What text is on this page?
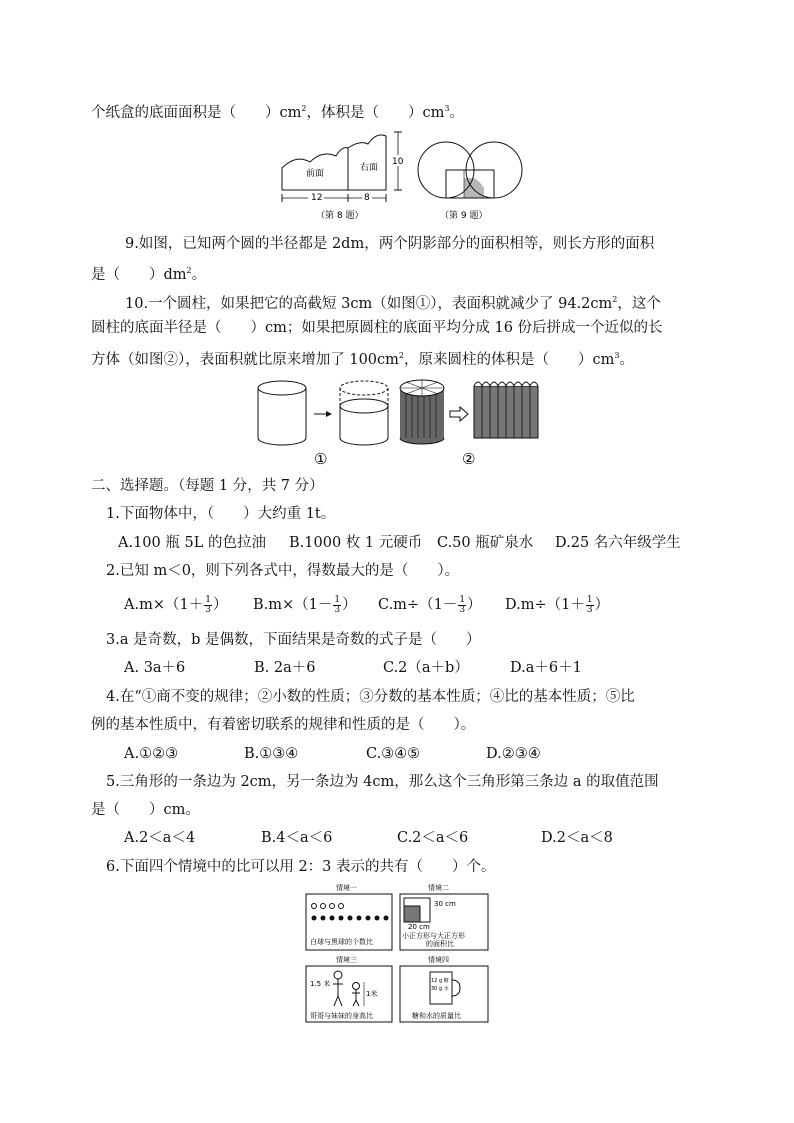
个纸盒的底面面积是（　　）$cm^2$，体积是（　　）$cm^3$。
前面
右面
12	8
10
（第 8 题）	（第 9 题）
9.如图，已知两个圆的半径都是 2dm，两个阴影部分的面积相等，则长方形的面积
是（　　）$dm^2$。
10.一个圆柱，如果把它的高截短 3cm（如图①），表面积就减少了 $94.2cm^2$，这个
圆柱的底面半径是（　　）cm；如果把原圆柱的底面平均分成 16 份后拼成一个近似的长
方体（如图②），表面积就比原来增加了 $100cm^2$，原来圆柱的体积是（　　）$cm^3$。
①	②
二、选择题。（每题 1 分，共 7 分）
1.下面物体中，（　　）大约重 1t。
A.100 瓶 5L 的色拉油 B.1000 枚 1 元硬币 C.50 瓶矿泉水 D.25 名六年级学生
2.已知 m＜0，则下列各式中，得数最大的是（　　）。
$A.m\times(1+ \frac{1}{3}$ ） $B.m\times(1- \frac{1}{3}$ ） $C.m\div(1- \frac{1}{3}$ ） $D.m\div(1+ \frac{1}{3}$ ）
3.a 是奇数，b 是偶数，下面结果是奇数的式子是（　　）
A. 3a＋6	B. 2a＋6	C.2（a＋b）	D.a＋6＋1
4.在“①商不变的规律；②小数的性质；③分数的基本性质；④比的基本性质；⑤比
例的基本性质中，有着密切联系的规律和性质的是（　　）。
A.①②③	B.①③④	C.③④⑤	D.②③④
5.三角形的一条边为 2cm，另一条边为 4cm，那么这个三角形第三条边 a 的取值范围
是（　　）cm。
A.2＜a＜4	B.4＜a＜6	C.2＜a＜6	D.2＜a＜8
6.下面四个情境中的比可以用 2：3 表示的共有（　　）个。
情境一
白球与黑球的个数比
情境二
30 cm
20 cm
小正方形与大正方形
的面积比
情境三
1.5 米
1米
哥哥与妹妹的身高比
情境四
12 g 糖
30 g 水
糖和水的质量比
